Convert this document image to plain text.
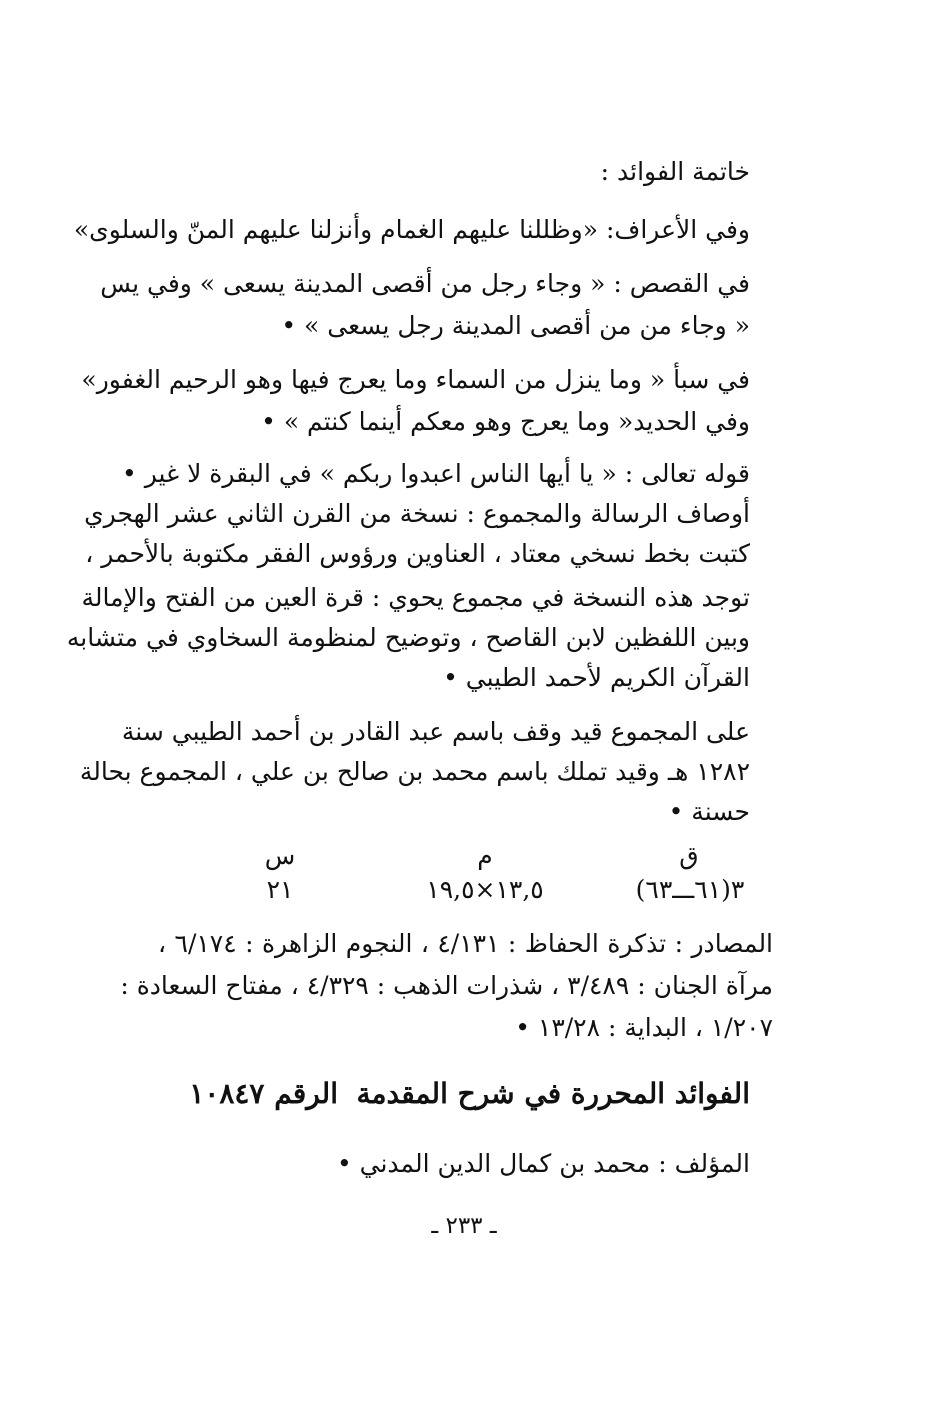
خاتمة الفوائد :
وفي الأعراف: «وظللنا عليهم الغمام وأنزلنا عليهم المنّ والسلوى»
في القصص : « وجاء رجل من أقصى المدينة يسعى » وفي يس
« وجاء من من أقصى المدينة رجل يسعى » •
في سبأ « وما ينزل من السماء وما يعرج فيها وهو الرحيم الغفور»
وفي الحديد« وما يعرج وهو معكم أينما كنتم » •
قوله تعالى : « يا أيها الناس اعبدوا ربكم » في البقرة لا غير •
أوصاف الرسالة والمجموع : نسخة من القرن الثاني عشر الهجري
كتبت بخط نسخي معتاد ، العناوين ورؤوس الفقر مكتوبة بالأحمر ،
توجد هذه النسخة في مجموع يحوي : قرة العين من الفتح والإمالة
وبين اللفظين لابن القاصح ، وتوضيح لمنظومة السخاوي في متشابه
القرآن الكريم لأحمد الطيبي •
على المجموع قيد وقف باسم عبد القادر بن أحمد الطيبي سنة
١٢٨٢ هـ وقيد تملك باسم محمد بن صالح بن علي ، المجموع بحالة
حسنة •
ق
م
س
٣(٦١ـــ٦٣)
١٣,٥×١٩,٥
٢١
المصادر : تذكرة الحفاظ : ٤/١٣١ ، النجوم الزاهرة : ٦/١٧٤ ،
مرآة الجنان : ٣/٤٨٩ ، شذرات الذهب : ٤/٣٢٩ ، مفتاح السعادة :
١/٢٠٧ ، البداية : ١٣/٢٨ •
الفوائد المحررة في شرح المقدمة
الرقم ١٠٨٤٧
المؤلف : محمد بن كمال الدين المدني •
ـ ٢٣٣ ـ
